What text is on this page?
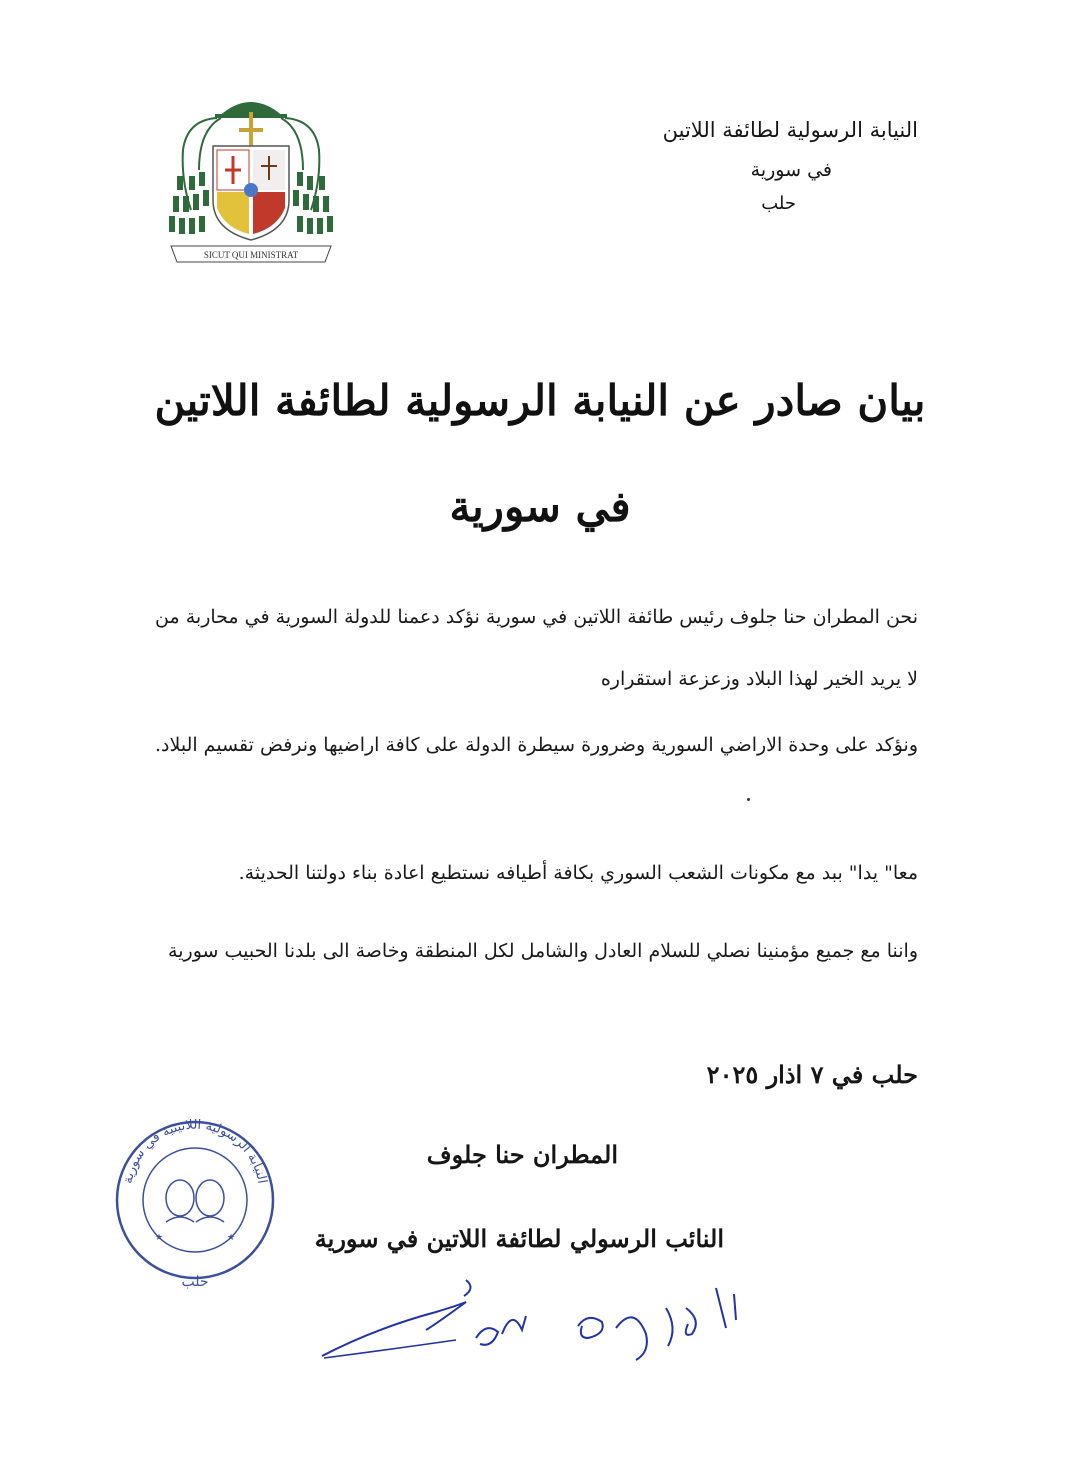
SICUT QUI MINISTRAT
النيابة الرسولية لطائفة اللاتين
في سورية
حلب
بيان صادر عن النيابة الرسولية لطائفة اللاتين
في سورية
نحن المطران حنا جلوف رئيس طائفة اللاتين في سورية نؤكد دعمنا للدولة السورية في محاربة من لا يريد الخير لهذا البلاد وزعزعة استقراره
ونؤكد على وحدة الاراضي السورية وضرورة سيطرة الدولة على كافة اراضيها ونرفض تقسيم البلاد.
معا" يدا" ببد مع مكونات الشعب السوري بكافة أطيافه نستطيع اعادة بناء دولتنا الحديثة.
واننا مع جميع مؤمنينا نصلي للسلام العادل والشامل لكل المنطقة وخاصة الى بلدنا الحبيب سورية
حلب في ٧ اذار ٢٠٢٥
المطران حنا جلوف
النائب الرسولي لطائفة اللاتين في سورية
النيابة الرسولية اللاتينية في سورية
★	★
حلب
